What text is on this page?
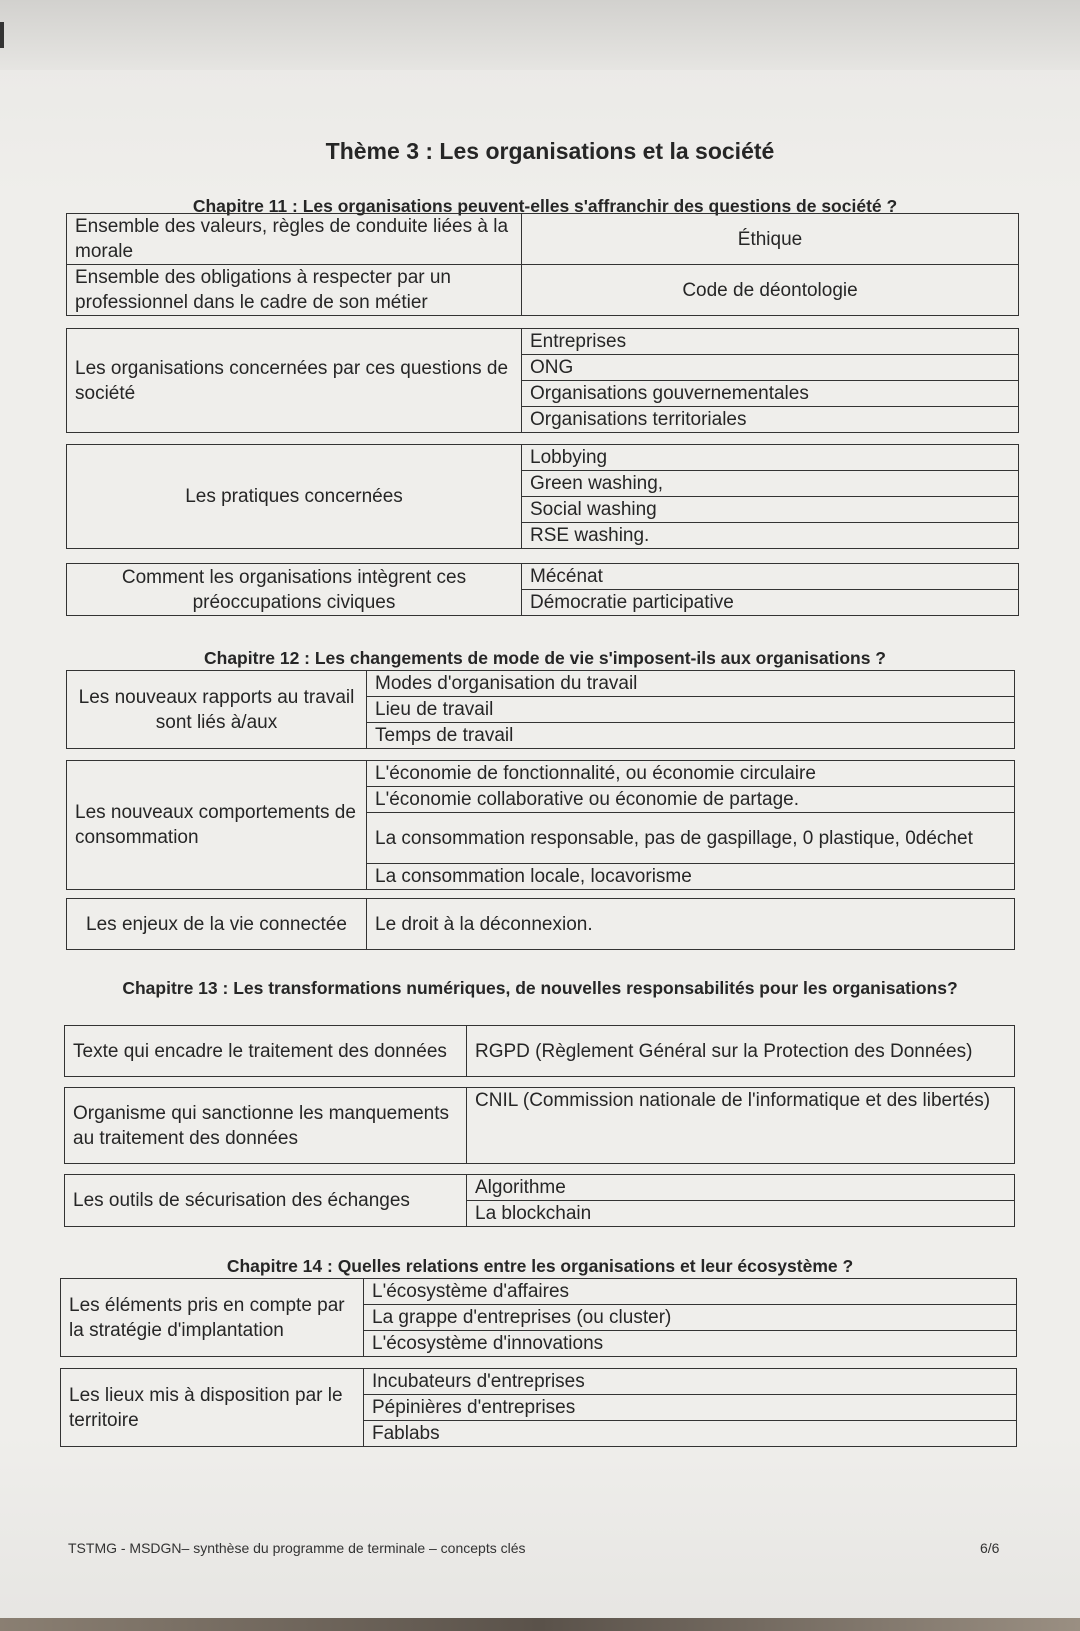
Thème 3 : Les organisations et la société
Chapitre 11 : Les organisations peuvent-elles s'affranchir des questions de société ?
Ensemble des valeurs, règles de conduite liées à la morale	Éthique
Ensemble des obligations à respecter par un professionnel dans le cadre de son métier	Code de déontologie
Les organisations concernées par ces questions de société	Entreprises
ONG
Organisations gouvernementales
Organisations territoriales
Les pratiques concernées	Lobbying
Green washing,
Social washing
RSE washing.
Comment les organisations intègrent ces préoccupations civiques	Mécénat
Démocratie participative
Chapitre 12 : Les changements de mode de vie s'imposent-ils aux organisations ?
Les nouveaux rapports au travail sont liés à/aux	Modes d'organisation du travail
Lieu de travail
Temps de travail
Les nouveaux comportements de consommation	L'économie de fonctionnalité, ou économie circulaire
L'économie collaborative ou économie de partage.
La consommation responsable, pas de gaspillage, 0 plastique, 0déchet
La consommation locale, locavorisme
Les enjeux de la vie connectée	Le droit à la déconnexion.
Chapitre 13 : Les transformations numériques, de nouvelles responsabilités pour les organisations?
Texte qui encadre le traitement des données	RGPD (Règlement Général sur la Protection des Données)
Organisme qui sanctionne les manquements au traitement des données	CNIL (Commission nationale de l'informatique et des libertés)
Les outils de sécurisation des échanges	Algorithme
La blockchain
Chapitre 14 : Quelles relations entre les organisations et leur écosystème ?
Les éléments pris en compte par la stratégie d'implantation	L'écosystème d'affaires
La grappe d'entreprises (ou cluster)
L'écosystème d'innovations
Les lieux mis à disposition par le territoire	Incubateurs d'entreprises
Pépinières d'entreprises
Fablabs
TSTMG - MSDGN– synthèse du programme de terminale – concepts clés	6/6
